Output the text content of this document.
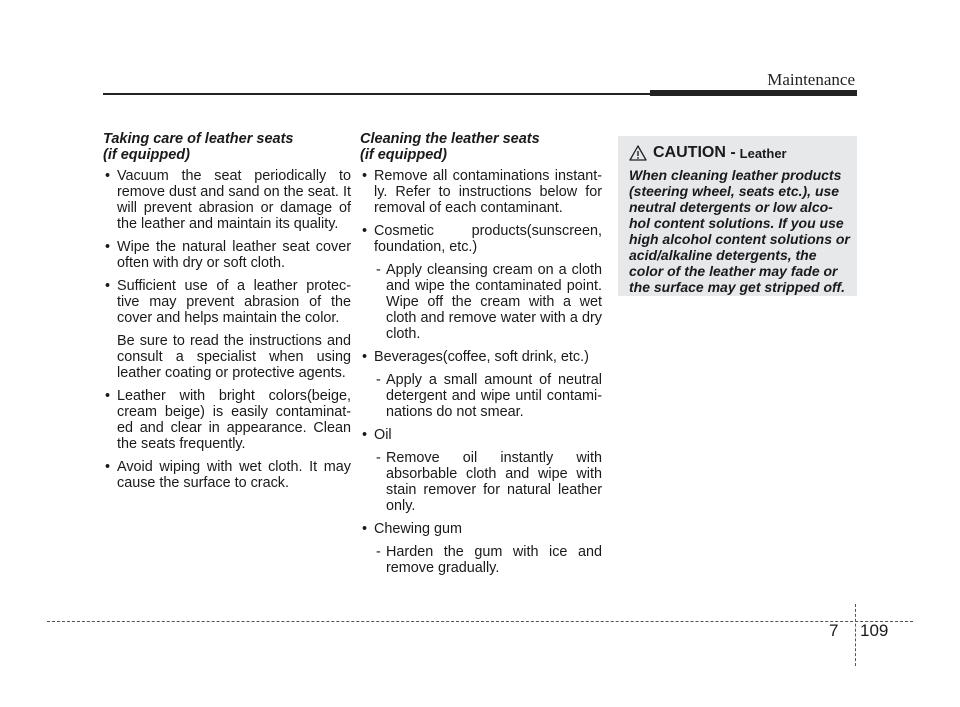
Maintenance
Taking care of leather seats
(if equipped)
• Vacuum the seat periodically to remove dust and sand on the seat. It will prevent abrasion or damage of the leather and maintain its quality.
• Wipe the natural leather seat cover often with dry or soft cloth.
• Sufficient use of a leather protec- tive may prevent abrasion of the cover and helps maintain the color.
Be sure to read the instructions and consult a specialist when using leather coating or protective agents.
• Leather with bright colors(beige, cream beige) is easily contaminat- ed and clear in appearance. Clean the seats frequently.
• Avoid wiping with wet cloth. It may cause the surface to crack.
Cleaning the leather seats
(if equipped)
• Remove all contaminations instant- ly. Refer to instructions below for removal of each contaminant.
• Cosmetic products(sunscreen, foundation, etc.)
- Apply cleansing cream on a cloth and wipe the contaminated point. Wipe off the cream with a wet cloth and remove water with a dry cloth.
• Beverages(coffee, soft drink, etc.)
- Apply a small amount of neutral detergent and wipe until contami- nations do not smear.
• Oil
- Remove oil instantly with absorbable cloth and wipe with stain remover for natural leather only.
• Chewing gum
- Harden the gum with ice and remove gradually.
CAUTION - Leather
When cleaning leather products (steering wheel, seats etc.), use neutral detergents or low alco- hol content solutions. If you use high alcohol content solutions or acid/alkaline detergents, the color of the leather may fade or the surface may get stripped off.
7 109
